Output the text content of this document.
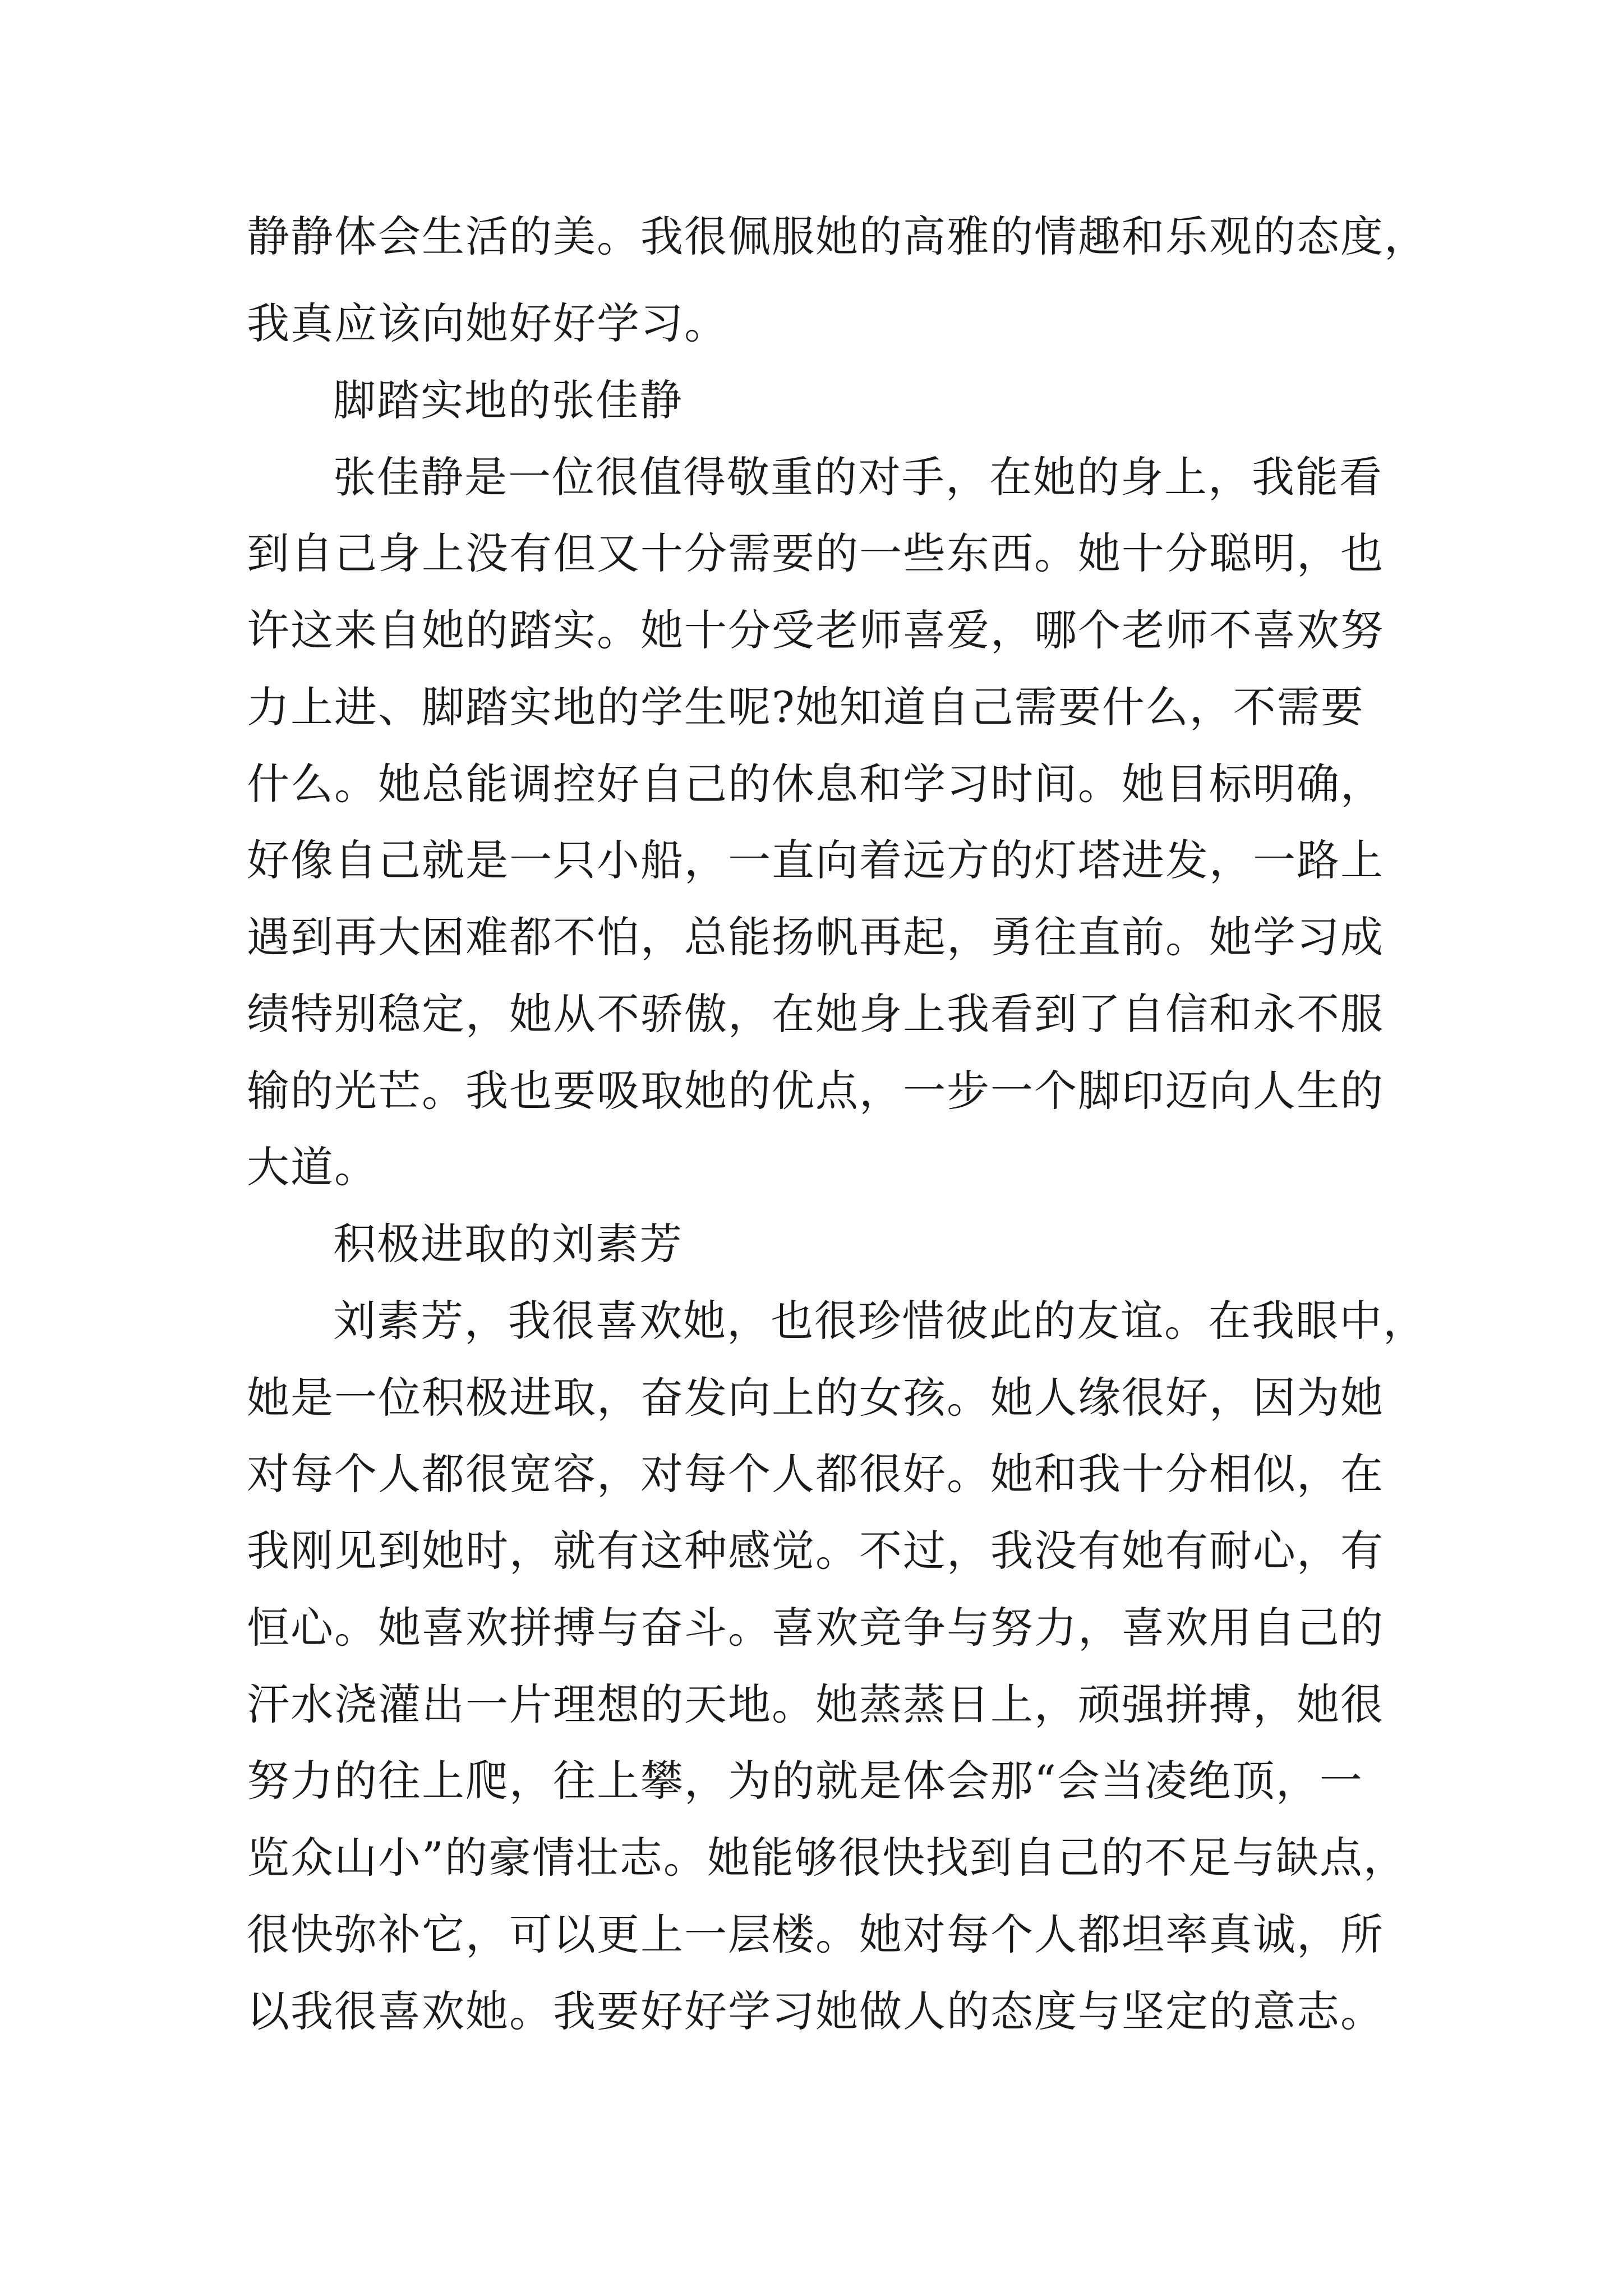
静静体会生活的美。我很佩服她的高雅的情趣和乐观的态度，
我真应该向她好好学习。
脚踏实地的张佳静
张佳静是一位很值得敬重的对手，在她的身上，我能看
到自己身上没有但又十分需要的一些东西。她十分聪明，也
许这来自她的踏实。她十分受老师喜爱，哪个老师不喜欢努
力上进、脚踏实地的学生呢?她知道自己需要什么，不需要
什么。她总能调控好自己的休息和学习时间。她目标明确，
好像自己就是一只小船，一直向着远方的灯塔进发，一路上
遇到再大困难都不怕，总能扬帆再起，勇往直前。她学习成
绩特别稳定，她从不骄傲，在她身上我看到了自信和永不服
输的光芒。我也要吸取她的优点，一步一个脚印迈向人生的
大道。
积极进取的刘素芳
刘素芳，我很喜欢她，也很珍惜彼此的友谊。在我眼中，
她是一位积极进取，奋发向上的女孩。她人缘很好，因为她
对每个人都很宽容，对每个人都很好。她和我十分相似，在
我刚见到她时，就有这种感觉。不过，我没有她有耐心，有
恒心。她喜欢拼搏与奋斗。喜欢竞争与努力，喜欢用自己的
汗水浇灌出一片理想的天地。她蒸蒸日上，顽强拼搏，她很
努力的往上爬，往上攀，为的就是体会那“会当凌绝顶，一
览众山小”的豪情壮志。她能够很快找到自己的不足与缺点，
很快弥补它，可以更上一层楼。她对每个人都坦率真诚，所
以我很喜欢她。我要好好学习她做人的态度与坚定的意志。
